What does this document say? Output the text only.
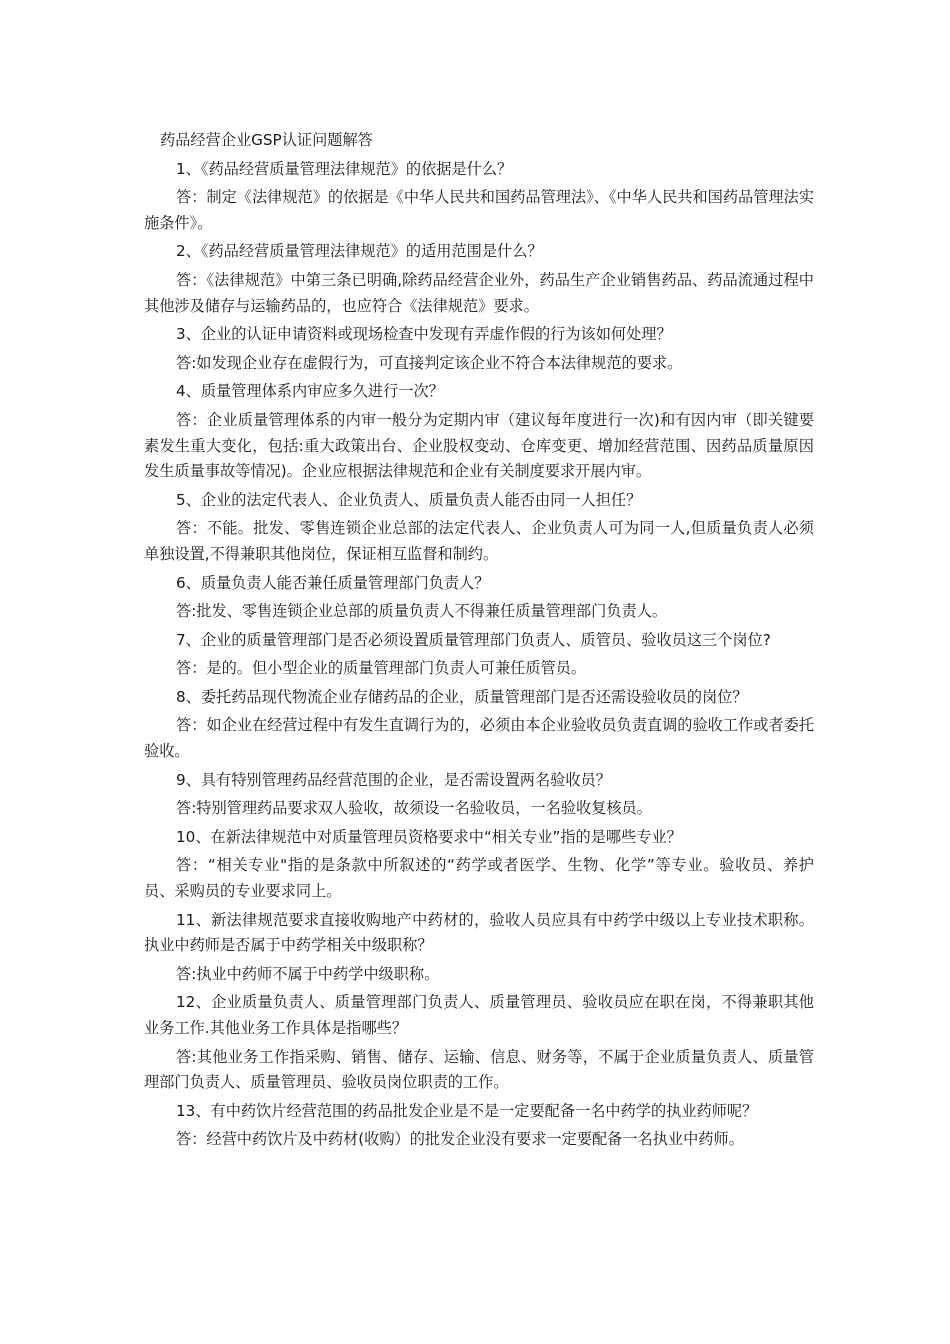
药品经营企业GSP认证问题解答

1、《药品经营质量管理法律规范》的依据是什么？

答：制定《法律规范》的依据是《中华人民共和国药品管理法》、《中华人民共和国药品管理法实施条件》。

2、《药品经营质量管理法律规范》的适用范围是什么？

答：《法律规范》中第三条已明确,除药品经营企业外，药品生产企业销售药品、药品流通过程中其他涉及储存与运输药品的，也应符合《法律规范》要求。

3、企业的认证申请资料或现场检查中发现有弄虚作假的行为该如何处理？

答:如发现企业存在虚假行为，可直接判定该企业不符合本法律规范的要求。

4、质量管理体系内审应多久进行一次？

答：企业质量管理体系的内审一般分为定期内审（建议每年度进行一次)和有因内审（即关键要素发生重大变化，包括:重大政策出台、企业股权变动、仓库变更、增加经营范围、因药品质量原因发生质量事故等情况)。企业应根据法律规范和企业有关制度要求开展内审。

5、企业的法定代表人、企业负责人、质量负责人能否由同一人担任？

答：不能。批发、零售连锁企业总部的法定代表人、企业负责人可为同一人,但质量负责人必须单独设置,不得兼职其他岗位，保证相互监督和制约。

6、质量负责人能否兼任质量管理部门负责人？

答:批发、零售连锁企业总部的质量负责人不得兼任质量管理部门负责人。

7、企业的质量管理部门是否必须设置质量管理部门负责人、质管员、验收员这三个岗位?

答：是的。但小型企业的质量管理部门负责人可兼任质管员。

8、委托药品现代物流企业存储药品的企业，质量管理部门是否还需设验收员的岗位？

答：如企业在经营过程中有发生直调行为的，必须由本企业验收员负责直调的验收工作或者委托验收。

9、具有特别管理药品经营范围的企业，是否需设置两名验收员？

答:特别管理药品要求双人验收，故须设一名验收员，一名验收复核员。

10、在新法律规范中对质量管理员资格要求中“相关专业”指的是哪些专业？

答：“相关专业"指的是条款中所叙述的“药学或者医学、生物、化学”等专业。验收员、养护员、采购员的专业要求同上。

11、新法律规范要求直接收购地产中药材的，验收人员应具有中药学中级以上专业技术职称。执业中药师是否属于中药学相关中级职称？

答:执业中药师不属于中药学中级职称。

12、企业质量负责人、质量管理部门负责人、质量管理员、验收员应在职在岗，不得兼职其他业务工作.其他业务工作具体是指哪些？

答:其他业务工作指采购、销售、储存、运输、信息、财务等，不属于企业质量负责人、质量管理部门负责人、质量管理员、验收员岗位职责的工作。

13、有中药饮片经营范围的药品批发企业是不是一定要配备一名中药学的执业药师呢？

答：经营中药饮片及中药材(收购）的批发企业没有要求一定要配备一名执业中药师。
